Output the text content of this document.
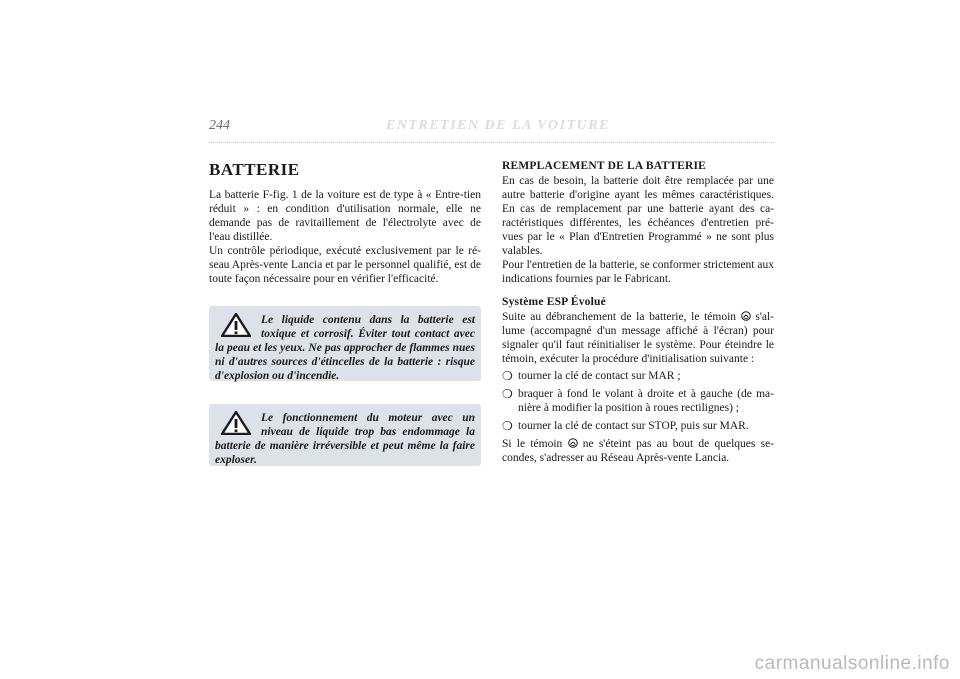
244	ENTRETIEN DE LA VOITURE
BATTERIE

La batterie F-fig. 1 de la voiture est de type à « Entre-tien réduit » : en condition d'utilisation normale, elle ne demande pas de ravitaillement de l'électrolyte avec de l'eau distillée.

Un contrôle périodique, exécuté exclusivement par le ré-seau Après-vente Lancia et par le personnel qualifié, est de toute façon nécessaire pour en vérifier l'efficacité.

Le liquide contenu dans la batterie est toxique et corrosif. Éviter tout contact avec la peau et les yeux. Ne pas approcher de flammes nues ni d'autres sources d'étincelles de la batterie : risque d'explosion ou d'incendie.
Le fonctionnement du moteur avec un niveau de liquide trop bas endommage la batterie de manière irréversible et peut même la faire exploser.
REMPLACEMENT DE LA BATTERIE

En cas de besoin, la batterie doit être remplacée par une autre batterie d'origine ayant les mêmes caractéristiques. En cas de remplacement par une batterie ayant des ca-ractéristiques différentes, les échéances d'entretien pré-vues par le « Plan d'Entretien Programmé » ne sont plus valables.

Pour l'entretien de la batterie, se conformer strictement aux indications fournies par le Fabricant.

Système ESP Évolué

Suite au débranchement de la batterie, le témoin s'al-lume (accompagné d'un message affiché à l'écran) pour signaler qu'il faut réinitialiser le système. Pour éteindre le témoin, exécuter la procédure d'initialisation suivante :

❍ tourner la clé de contact sur MAR ;
❍ braquer à fond le volant à droite et à gauche (de ma-nière à modifier la position à roues rectilignes) ;
❍ tourner la clé de contact sur STOP, puis sur MAR.

Si le témoin ne s'éteint pas au bout de quelques se-condes, s'adresser au Réseau Après-vente Lancia.

carmanualsonline.info
